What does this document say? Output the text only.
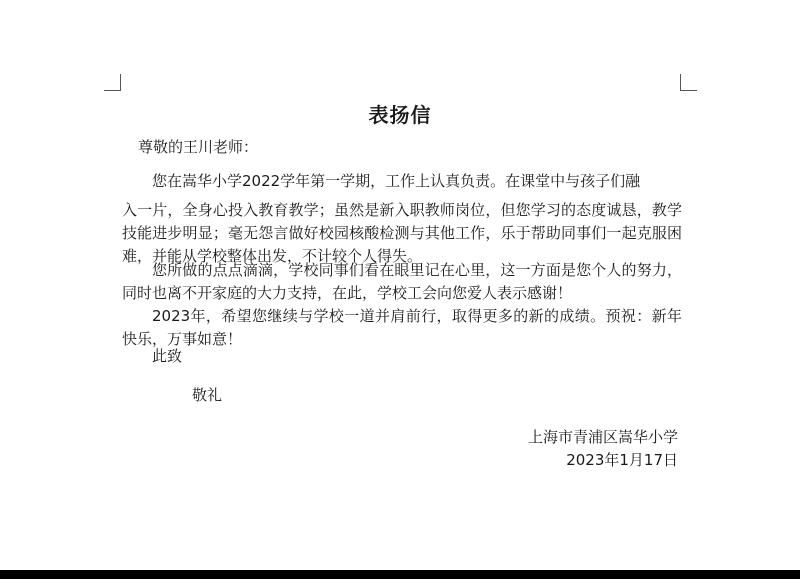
表扬信
尊敬的王川老师：
您在嵩华小学2022学年第一学期，工作上认真负责。在课堂中与孩子们融
入一片，全身心投入教育教学；虽然是新入职教师岗位，但您学习的态度诚恳，教学技能进步明显；毫无怨言做好校园核酸检测与其他工作，乐于帮助同事们一起克服困难，并能从学校整体出发，不计较个人得失。
您所做的点点滴滴，学校同事们看在眼里记在心里，这一方面是您个人的努力，同时也离不开家庭的大力支持，在此，学校工会向您爱人表示感谢！
2023年，希望您继续与学校一道并肩前行，取得更多的新的成绩。预祝：新年快乐，万事如意！
此致
敬礼
上海市青浦区嵩华小学
2023年1月17日
